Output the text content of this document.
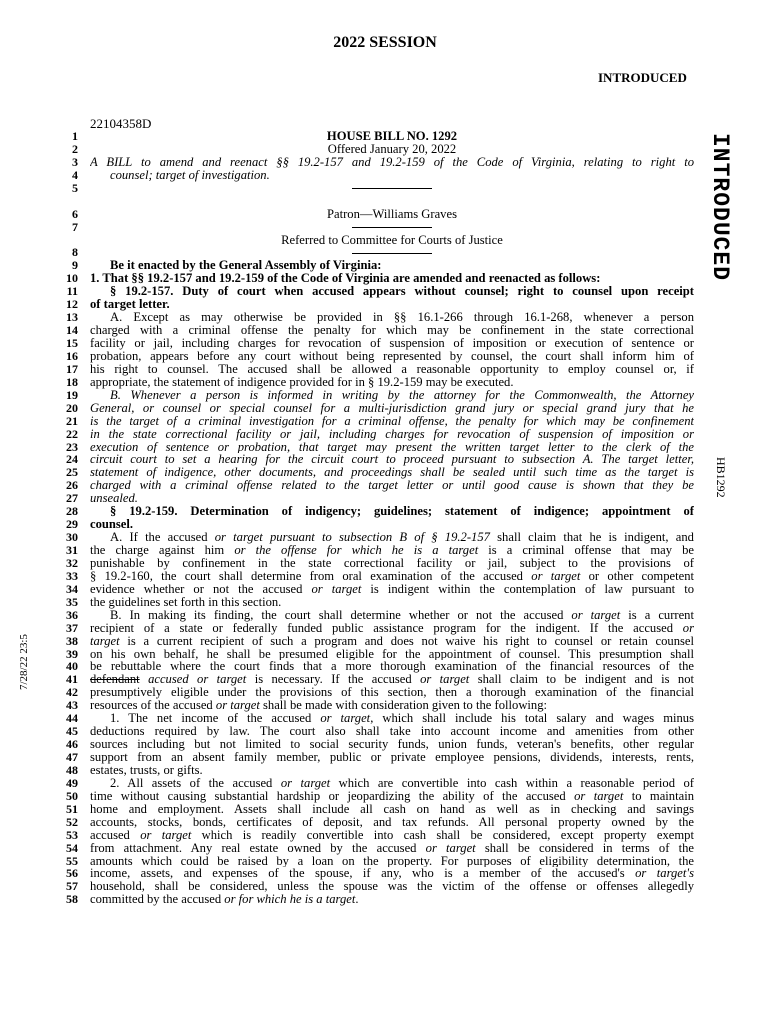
2022 SESSION
INTRODUCED
22104358D
INTRODUCED
HB1292
7/28/22 23:5
1	HOUSE BILL NO. 1292
2	Offered January 20, 2022
3 A BILL to amend and reenact §§ 19.2-157 and 19.2-159 of the Code of Virginia, relating to right to
4	counsel; target of investigation.
5
6	Patron—Williams Graves
7
Referred to Committee for Courts of Justice
8
9	Be it enacted by the General Assembly of Virginia:
10 1. That §§ 19.2-157 and 19.2-159 of the Code of Virginia are amended and reenacted as follows:
11	§ 19.2-157. Duty of court when accused appears without counsel; right to counsel upon receipt
12 of target letter.
13	A. Except as may otherwise be provided in §§ 16.1-266 through 16.1-268, whenever a person
14 charged with a criminal offense the penalty for which may be confinement in the state correctional
15 facility or jail, including charges for revocation of suspension of imposition or execution of sentence or
16 probation, appears before any court without being represented by counsel, the court shall inform him of
17 his right to counsel. The accused shall be allowed a reasonable opportunity to employ counsel or, if
18 appropriate, the statement of indigence provided for in § 19.2-159 may be executed.
19	B. Whenever a person is informed in writing by the attorney for the Commonwealth, the Attorney
20 General, or counsel or special counsel for a multi-jurisdiction grand jury or special grand jury that he
21 is the target of a criminal investigation for a criminal offense, the penalty for which may be confinement
22 in the state correctional facility or jail, including charges for revocation of suspension of imposition or
23 execution of sentence or probation, that target may present the written target letter to the clerk of the
24 circuit court to set a hearing for the circuit court to proceed pursuant to subsection A. The target letter,
25 statement of indigence, other documents, and proceedings shall be sealed until such time as the target is
26 charged with a criminal offense related to the target letter or until good cause is shown that they be
27 unsealed.
28	§ 19.2-159. Determination of indigency; guidelines; statement of indigence; appointment of
29 counsel.
30	A. If the accused or target pursuant to subsection B of § 19.2-157 shall claim that he is indigent, and
31 the charge against him or the offense for which he is a target is a criminal offense that may be
32 punishable by confinement in the state correctional facility or jail, subject to the provisions of
33 § 19.2-160, the court shall determine from oral examination of the accused or target or other competent
34 evidence whether or not the accused or target is indigent within the contemplation of law pursuant to
35 the guidelines set forth in this section.
36	B. In making its finding, the court shall determine whether or not the accused or target is a current
37 recipient of a state or federally funded public assistance program for the indigent. If the accused or
38 target is a current recipient of such a program and does not waive his right to counsel or retain counsel
39 on his own behalf, he shall be presumed eligible for the appointment of counsel. This presumption shall
40 be rebuttable where the court finds that a more thorough examination of the financial resources of the
41 defendant accused or target is necessary. If the accused or target shall claim to be indigent and is not
42 presumptively eligible under the provisions of this section, then a thorough examination of the financial
43 resources of the accused or target shall be made with consideration given to the following:
44	1. The net income of the accused or target, which shall include his total salary and wages minus
45 deductions required by law. The court also shall take into account income and amenities from other
46 sources including but not limited to social security funds, union funds, veteran's benefits, other regular
47 support from an absent family member, public or private employee pensions, dividends, interests, rents,
48 estates, trusts, or gifts.
49	2. All assets of the accused or target which are convertible into cash within a reasonable period of
50 time without causing substantial hardship or jeopardizing the ability of the accused or target to maintain
51 home and employment. Assets shall include all cash on hand as well as in checking and savings
52 accounts, stocks, bonds, certificates of deposit, and tax refunds. All personal property owned by the
53 accused or target which is readily convertible into cash shall be considered, except property exempt
54 from attachment. Any real estate owned by the accused or target shall be considered in terms of the
55 amounts which could be raised by a loan on the property. For purposes of eligibility determination, the
56 income, assets, and expenses of the spouse, if any, who is a member of the accused's or target's
57 household, shall be considered, unless the spouse was the victim of the offense or offenses allegedly
58 committed by the accused or for which he is a target.
